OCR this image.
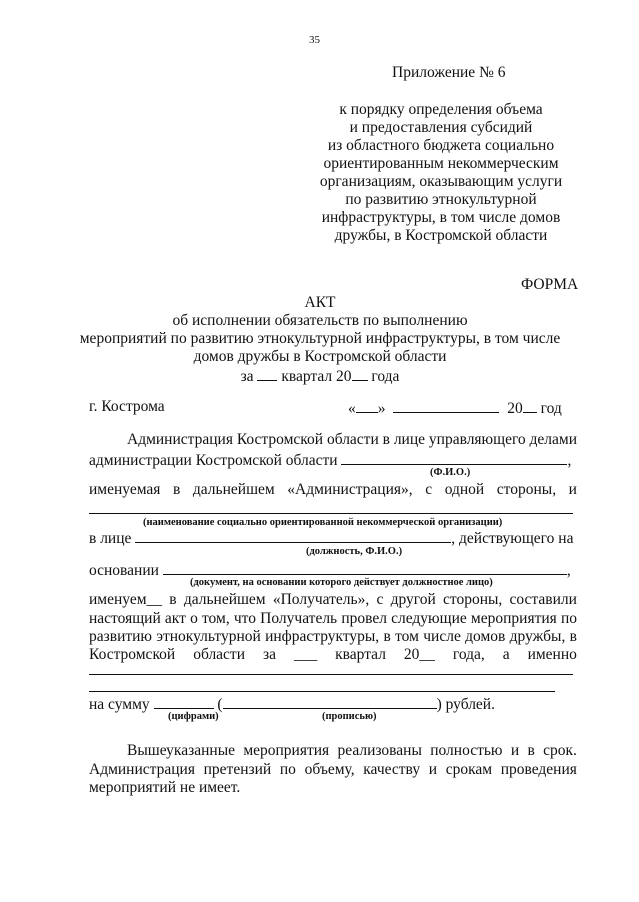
35
Приложение № 6
к порядку определения объема
и предоставления субсидий
из областного бюджета социально
ориентированным некоммерческим
организациям, оказывающим услуги
по развитию этнокультурной
инфраструктуры, в том числе домов
дружбы, в Костромской области
ФОРМА
АКТ
об исполнении обязательств по выполнению
мероприятий по развитию этнокультурной инфраструктуры, в том числе
домов дружбы в Костромской области
за квартал 20 года
г. Кострома	« »	20 год
Администрация Костромской области в лице управляющего делами
администрации Костромской области	,
(Ф.И.О.)
именуемая в дальнейшем «Администрация», с одной стороны, и
(наименование социально ориентированной некоммерческой организации)
в лице	, действующего на
(должность, Ф.И.О.)
основании	,
(документ, на основании которого действует должностное лицо)
именуем__ в дальнейшем «Получатель», с другой стороны, составили
настоящий акт о том, что Получатель провел следующие мероприятия по
развитию этнокультурной инфраструктуры, в том числе домов дружбы, в
Костромской области за ___ квартал 20__ года, а именно
на сумму	(	) рублей.
(цифрами)	(прописью)
Вышеуказанные мероприятия реализованы полностью и в срок.
Администрация претензий по объему, качеству и срокам проведения
мероприятий не имеет.
